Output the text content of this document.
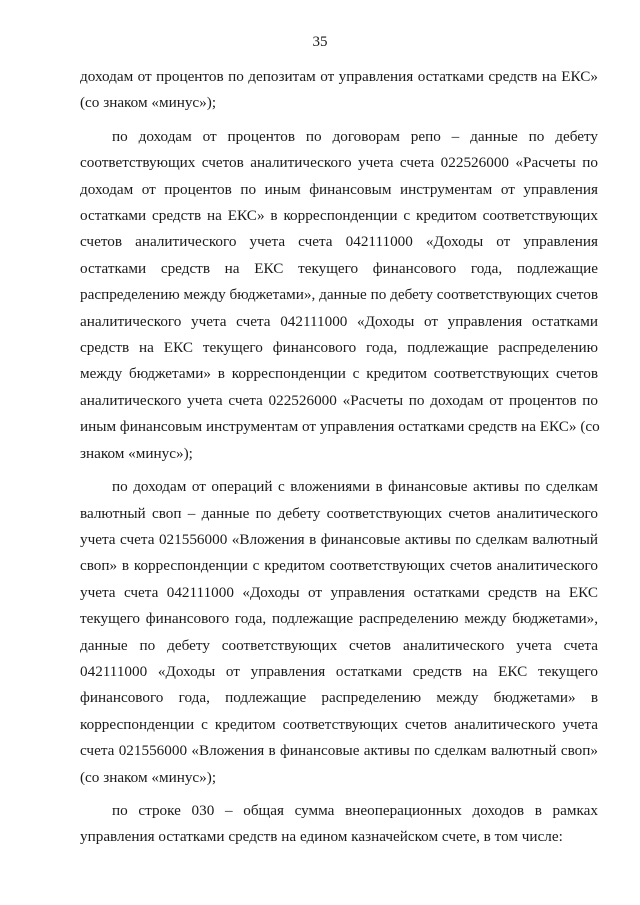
35
доходам от процентов по депозитам от управления остатками средств на ЕКС»
(со знаком «минус»);
по доходам от процентов по договорам репо – данные по дебету
соответствующих счетов аналитического учета счета 022526000 «Расчеты по
доходам от процентов по иным финансовым инструментам от управления
остатками средств на ЕКС» в корреспонденции с кредитом соответствующих
счетов аналитического учета счета 042111000 «Доходы от управления
остатками средств на ЕКС текущего финансового года, подлежащие
распределению между бюджетами», данные по дебету соответствующих счетов
аналитического учета счета 042111000 «Доходы от управления остатками
средств на ЕКС текущего финансового года, подлежащие распределению
между бюджетами» в корреспонденции с кредитом соответствующих счетов
аналитического учета счета 022526000 «Расчеты по доходам от процентов по
иным финансовым инструментам от управления остатками средств на ЕКС» (со
знаком «минус»);
по доходам от операций с вложениями в финансовые активы по сделкам
валютный своп – данные по дебету соответствующих счетов аналитического
учета счета 021556000 «Вложения в финансовые активы по сделкам валютный
своп» в корреспонденции с кредитом соответствующих счетов аналитического
учета счета 042111000 «Доходы от управления остатками средств на ЕКС
текущего финансового года, подлежащие распределению между бюджетами»,
данные по дебету соответствующих счетов аналитического учета счета
042111000 «Доходы от управления остатками средств на ЕКС текущего
финансового года, подлежащие распределению между бюджетами» в
корреспонденции с кредитом соответствующих счетов аналитического учета
счета 021556000 «Вложения в финансовые активы по сделкам валютный своп»
(со знаком «минус»);
по строке 030 – общая сумма внеоперационных доходов в рамках
управления остатками средств на едином казначейском счете, в том числе:
